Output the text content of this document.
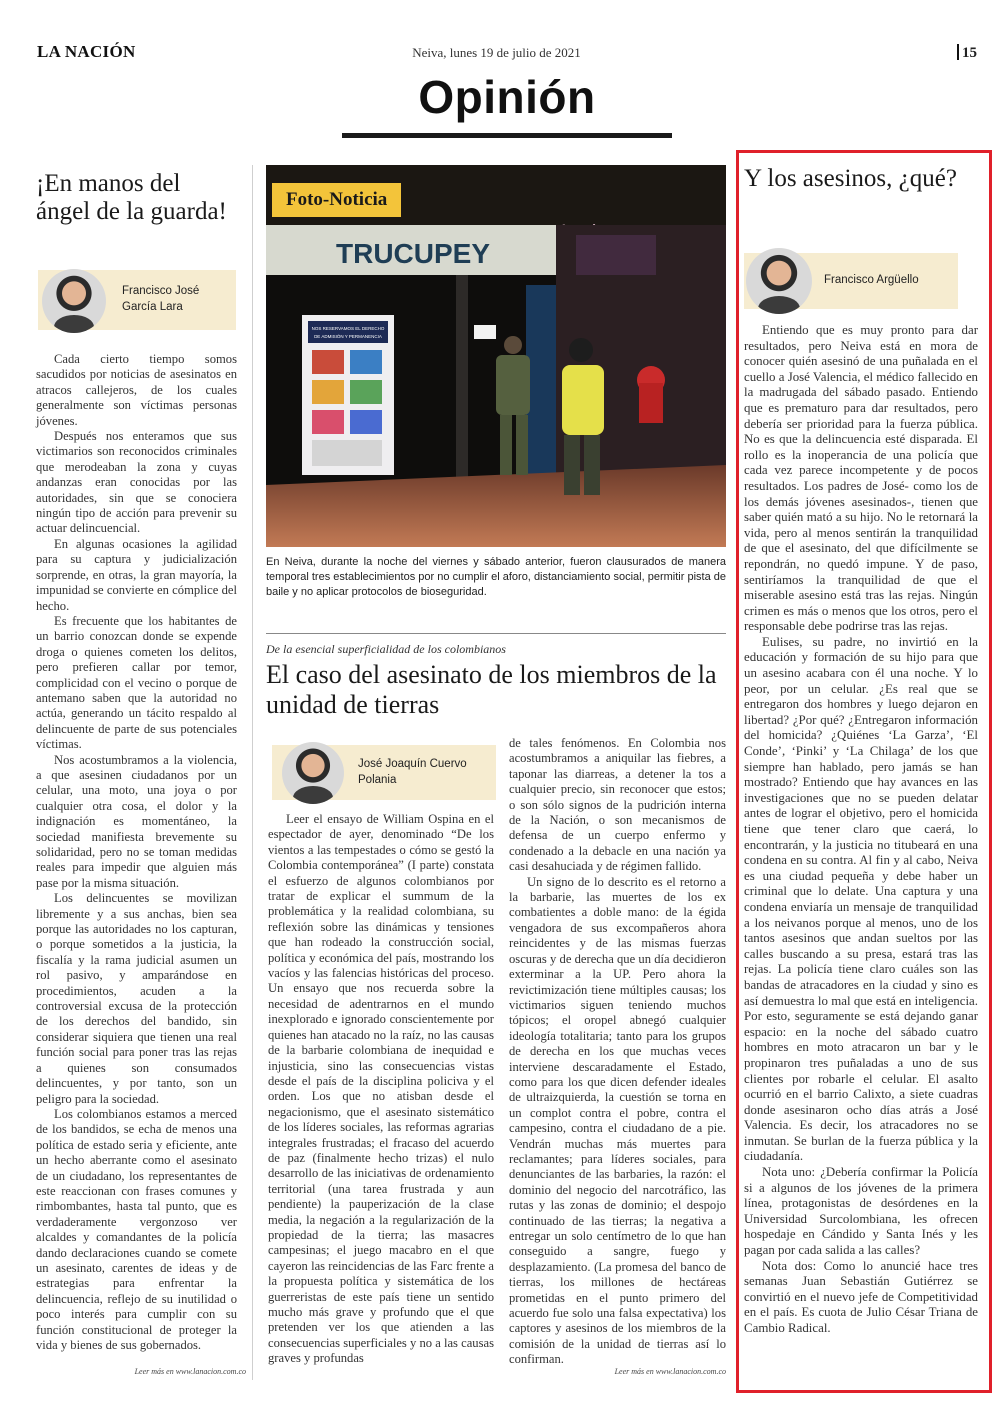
LA NACIÓN	Neiva, lunes 19 de julio de 2021	15
Opinión
¡En manos del ángel de la guarda!
Francisco José García Lara

Cada cierto tiempo somos sacudidos por noticias de asesinatos en atracos callejeros, de los cuales generalmente son víctimas personas jóvenes.

Después nos enteramos que sus victimarios son reconocidos criminales que merodeaban la zona y cuyas andanzas eran conocidas por las autoridades, sin que se conociera ningún tipo de acción para prevenir su actuar delincuencial.

En algunas ocasiones la agilidad para su captura y judicialización sorprende, en otras, la gran mayoría, la impunidad se convierte en cómplice del hecho.

Es frecuente que los habitantes de un barrio conozcan donde se expende droga o quienes cometen los delitos, pero prefieren callar por temor, complicidad con el vecino o porque de antemano saben que la autoridad no actúa, generando un tácito respaldo al delincuente de parte de sus potenciales víctimas.

Nos acostumbramos a la violencia, a que asesinen ciudadanos por un celular, una moto, una joya o por cualquier otra cosa, el dolor y la indignación es momentáneo, la sociedad manifiesta brevemente su solidaridad, pero no se toman medidas reales para impedir que alguien más pase por la misma situación.

Los delincuentes se movilizan libremente y a sus anchas, bien sea porque las autoridades no los capturan, o porque sometidos a la justicia, la fiscalía y la rama judicial asumen un rol pasivo, y amparándose en procedimientos, acuden a la controversial excusa de la protección de los derechos del bandido, sin considerar siquiera que tienen una real función social para poner tras las rejas a quienes son consumados delincuentes, y por tanto, son un peligro para la sociedad.

Los colombianos estamos a merced de los bandidos, se echa de menos una política de estado seria y eficiente, ante un hecho aberrante como el asesinato de un ciudadano, los representantes de este reaccionan con frases comunes y rimbombantes, hasta tal punto, que es verdaderamente vergonzoso ver alcaldes y comandantes de la policía dando declaraciones cuando se comete un asesinato, carentes de ideas y de estrategias para enfrentar la delincuencia, reflejo de su inutilidad o poco interés para cumplir con su función constitucional de proteger la vida y bienes de sus gobernados.

Leer más en www.lanacion.com.co
TRUCUPEY
NOS RESERVAMOS EL DERECHO
DE ADMISIÓN Y PERMANENCIA
Foto-Noticia
En Neiva, durante la noche del viernes y sábado anterior, fueron clausurados de manera temporal tres establecimientos por no cumplir el aforo, distanciamiento social, permitir pista de baile y no aplicar protocolos de bioseguridad.
De la esencial superficialidad de los colombianos
El caso del asesinato de los miembros de la unidad de tierras
José Joaquín Cuervo Polania

Leer el ensayo de William Ospina en el espectador de ayer, denominado “De los vientos a las tempestades o cómo se gestó la Colombia contemporánea” (I parte) constata el esfuerzo de algunos colombianos por tratar de explicar el summum de la problemática y la realidad colombiana, su reflexión sobre las dinámicas y tensiones que han rodeado la construcción social, política y económica del país, mostrando los vacíos y las falencias históricas del proceso. Un ensayo que nos recuerda sobre la necesidad de adentrarnos en el mundo inexplorado e ignorado conscientemente por quienes han atacado no la raíz, no las causas de la barbarie colombiana de inequidad e injusticia, sino las consecuencias vistas desde el país de la disciplina policiva y el orden. Los que no atisban desde el negacionismo, que el asesinato sistemático de los líderes sociales, las reformas agrarias integrales frustradas; el fracaso del acuerdo de paz (finalmente hecho trizas) el nulo desarrollo de las iniciativas de ordenamiento territorial (una tarea frustrada y aun pendiente) la pauperización de la clase media, la negación a la regularización de la propiedad de la tierra; las masacres campesinas; el juego macabro en el que cayeron las reincidencias de las Farc frente a la propuesta política y sistemática de los guerreristas de este país tiene un sentido mucho más grave y profundo que el que pretenden ver los que atienden a las consecuencias superficiales y no a las causas graves y profundas

de tales fenómenos. En Colombia nos acostumbramos a aniquilar las fiebres, a taponar las diarreas, a detener la tos a cualquier precio, sin reconocer que estos; o son sólo signos de la pudrición interna de la Nación, o son mecanismos de defensa de un cuerpo enfermo y condenado a la debacle en una nación ya casi desahuciada y de régimen fallido.

Un signo de lo descrito es el retorno a la barbarie, las muertes de los ex combatientes a doble mano: de la égida vengadora de sus excompañeros ahora reincidentes y de las mismas fuerzas oscuras y de derecha que un día decidieron exterminar a la UP. Pero ahora la revictimización tiene múltiples causas; los victimarios siguen teniendo muchos tópicos; el oropel abnegó cualquier ideología totalitaria; tanto para los grupos de derecha en los que muchas veces interviene descaradamente el Estado, como para los que dicen defender ideales de ultraizquierda, la cuestión se torna en un complot contra el pobre, contra el campesino, contra el ciudadano de a pie. Vendrán muchas más muertes para reclamantes; para líderes sociales, para denunciantes de las barbaries, la razón: el dominio del negocio del narcotráfico, las rutas y las zonas de dominio; el despojo continuado de las tierras; la negativa a entregar un solo centímetro de lo que han conseguido a sangre, fuego y desplazamiento. (La promesa del banco de tierras, los millones de hectáreas prometidas en el punto primero del acuerdo fue solo una falsa expectativa) los captores y asesinos de los miembros de la comisión de la unidad de tierras así lo confirman.

Leer más en www.lanacion.com.co
Y los asesinos, ¿qué?
Francisco Argüello

Entiendo que es muy pronto para dar resultados, pero Neiva está en mora de conocer quién asesinó de una puñalada en el cuello a José Valencia, el médico fallecido en la madrugada del sábado pasado. Entiendo que es prematuro para dar resultados, pero debería ser prioridad para la fuerza pública. No es que la delincuencia esté disparada. El rollo es la inoperancia de una policía que cada vez parece incompetente y de pocos resultados. Los padres de José- como los de los demás jóvenes asesinados-, tienen que saber quién mató a su hijo. No le retornará la vida, pero al menos sentirán la tranquilidad de que el asesinato, del que difícilmente se repondrán, no quedó impune. Y de paso, sentiríamos la tranquilidad de que el miserable asesino está tras las rejas. Ningún crimen es más o menos que los otros, pero el responsable debe podrirse tras las rejas.

Eulises, su padre, no invirtió en la educación y formación de su hijo para que un asesino acabara con él una noche. Y lo peor, por un celular. ¿Es real que se entregaron dos hombres y luego dejaron en libertad? ¿Por qué? ¿Entregaron información del homicida? ¿Quiénes ‘La Garza’, ‘El Conde’, ‘Pinki’ y ‘La Chilaga’ de los que siempre han hablado, pero jamás se han mostrado? Entiendo que hay avances en las investigaciones que no se pueden delatar antes de lograr el objetivo, pero el homicida tiene que tener claro que caerá, lo encontrarán, y la justicia no titubeará en una condena en su contra. Al fin y al cabo, Neiva es una ciudad pequeña y debe haber un criminal que lo delate. Una captura y una condena enviaría un mensaje de tranquilidad a los neivanos porque al menos, uno de los tantos asesinos que andan sueltos por las calles buscando a su presa, estará tras las rejas. La policía tiene claro cuáles son las bandas de atracadores en la ciudad y sino es así demuestra lo mal que está en inteligencia. Por esto, seguramente se está dejando ganar espacio: en la noche del sábado cuatro hombres en moto atracaron un bar y le propinaron tres puñaladas a uno de sus clientes por robarle el celular. El asalto ocurrió en el barrio Calixto, a siete cuadras donde asesinaron ocho días atrás a José Valencia. Es decir, los atracadores no se inmutan. Se burlan de la fuerza pública y la ciudadanía.

Nota uno: ¿Debería confirmar la Policía si a algunos de los jóvenes de la primera línea, protagonistas de desórdenes en la Universidad Surcolombiana, les ofrecen hospedaje en Cándido y Santa Inés y les pagan por cada salida a las calles?

Nota dos: Como lo anuncié hace tres semanas Juan Sebastián Gutiérrez se convirtió en el nuevo jefe de Competitividad en el país. Es cuota de Julio César Triana de Cambio Radical.
